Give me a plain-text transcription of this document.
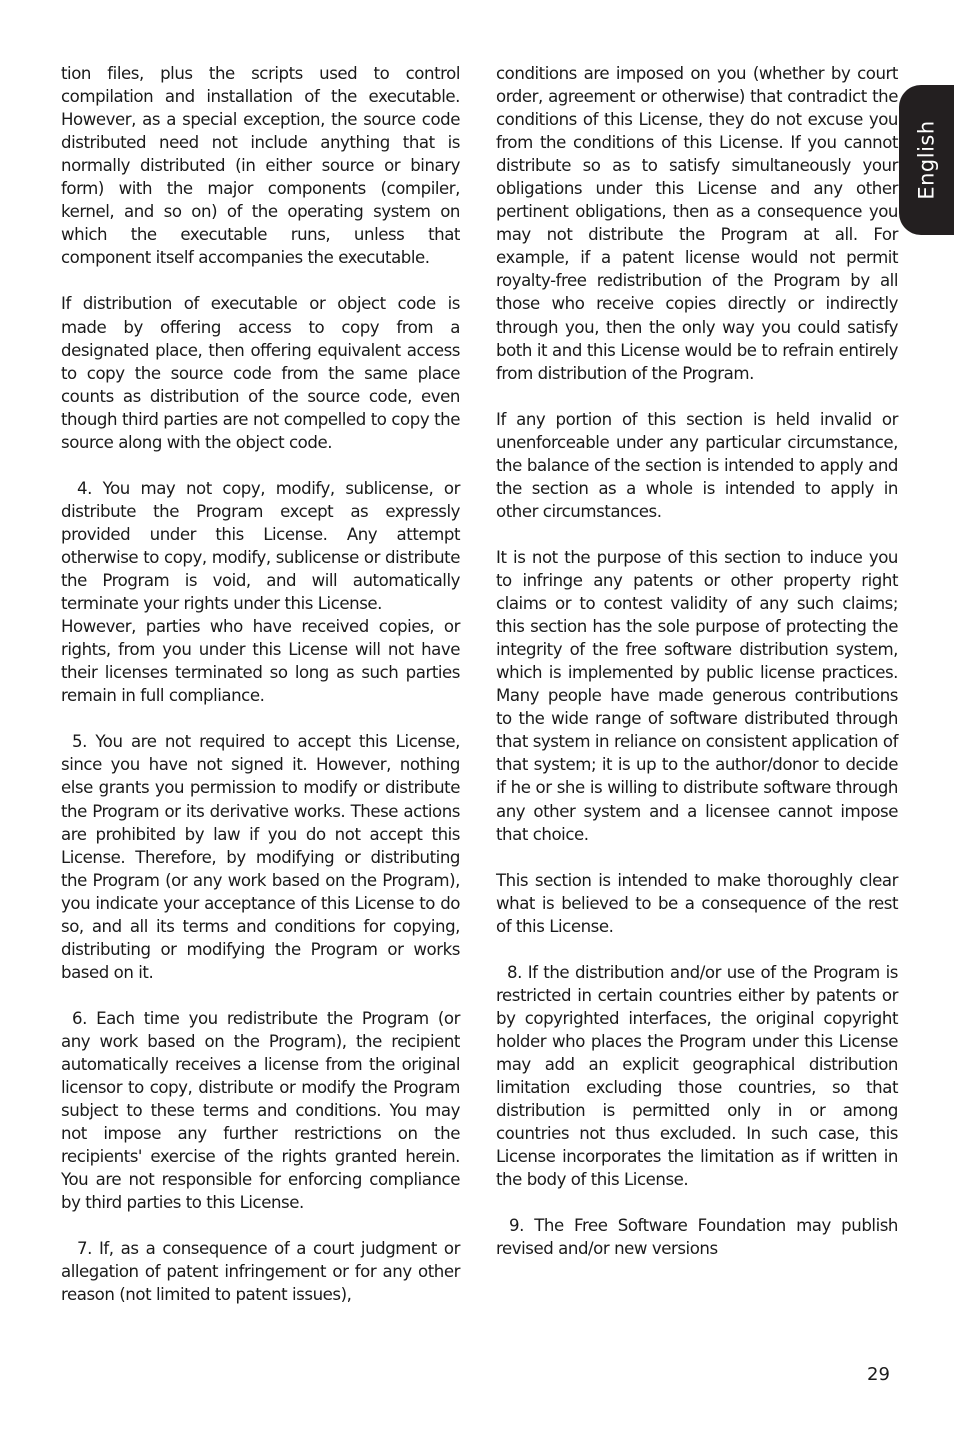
tion files, plus the scripts used to control compilation and installation of the executable. However, as a special exception, the source code distributed need not include anything that is normally distributed (in either source or binary form) with the major components (compiler, kernel, and so on) of the operating system on which the executable runs, unless that component itself accompanies the executable.

If distribution of executable or object code is made by offering access to copy from a designated place, then offering equivalent access to copy the source code from the same place counts as distribution of the source code, even though third parties are not compelled to copy the source along with the object code.

4. You may not copy, modify, sublicense, or distribute the Program except as expressly provided under this License. Any attempt otherwise to copy, modify, sublicense or distribute the Program is void, and will automatically terminate your rights under this License.

However, parties who have received copies, or rights, from you under this License will not have their licenses terminated so long as such parties remain in full compliance.

5. You are not required to accept this License, since you have not signed it. However, nothing else grants you permission to modify or distribute the Program or its derivative works. These actions are prohibited by law if you do not accept this License. Therefore, by modifying or distributing the Program (or any work based on the Program), you indicate your acceptance of this License to do so, and all its terms and conditions for copying, distributing or modifying the Program or works based on it.

6. Each time you redistribute the Program (or any work based on the Program), the recipient automatically receives a license from the original licensor to copy, distribute or modify the Program subject to these terms and conditions. You may not impose any further restrictions on the recipients' exercise of the rights granted herein. You are not responsible for enforcing compliance by third parties to this License.

7. If, as a consequence of a court judgment or allegation of patent infringement or for any other reason (not limited to patent issues),

conditions are imposed on you (whether by court order, agreement or otherwise) that contradict the conditions of this License, they do not excuse you from the conditions of this License. If you cannot distribute so as to satisfy simultaneously your obligations under this License and any other pertinent obligations, then as a consequence you may not distribute the Program at all. For example, if a patent license would not permit royalty-free redistribution of the Program by all those who receive copies directly or indirectly through you, then the only way you could satisfy both it and this License would be to refrain entirely from distribution of the Program.

If any portion of this section is held invalid or unenforceable under any particular circumstance, the balance of the section is intended to apply and the section as a whole is intended to apply in other circumstances.

It is not the purpose of this section to induce you to infringe any patents or other property right claims or to contest validity of any such claims; this section has the sole purpose of protecting the integrity of the free software distribution system, which is implemented by public license practices. Many people have made generous contributions to the wide range of software distributed through that system in reliance on consistent application of that system; it is up to the author/donor to decide if he or she is willing to distribute software through any other system and a licensee cannot impose that choice.

This section is intended to make thoroughly clear what is believed to be a consequence of the rest of this License.

8. If the distribution and/or use of the Program is restricted in certain countries either by patents or by copyrighted interfaces, the original copyright holder who places the Program under this License may add an explicit geographical distribution limitation excluding those countries, so that distribution is permitted only in or among countries not thus excluded. In such case, this License incorporates the limitation as if written in the body of this License.

9. The Free Software Foundation may publish revised and/or new versions

English
29
